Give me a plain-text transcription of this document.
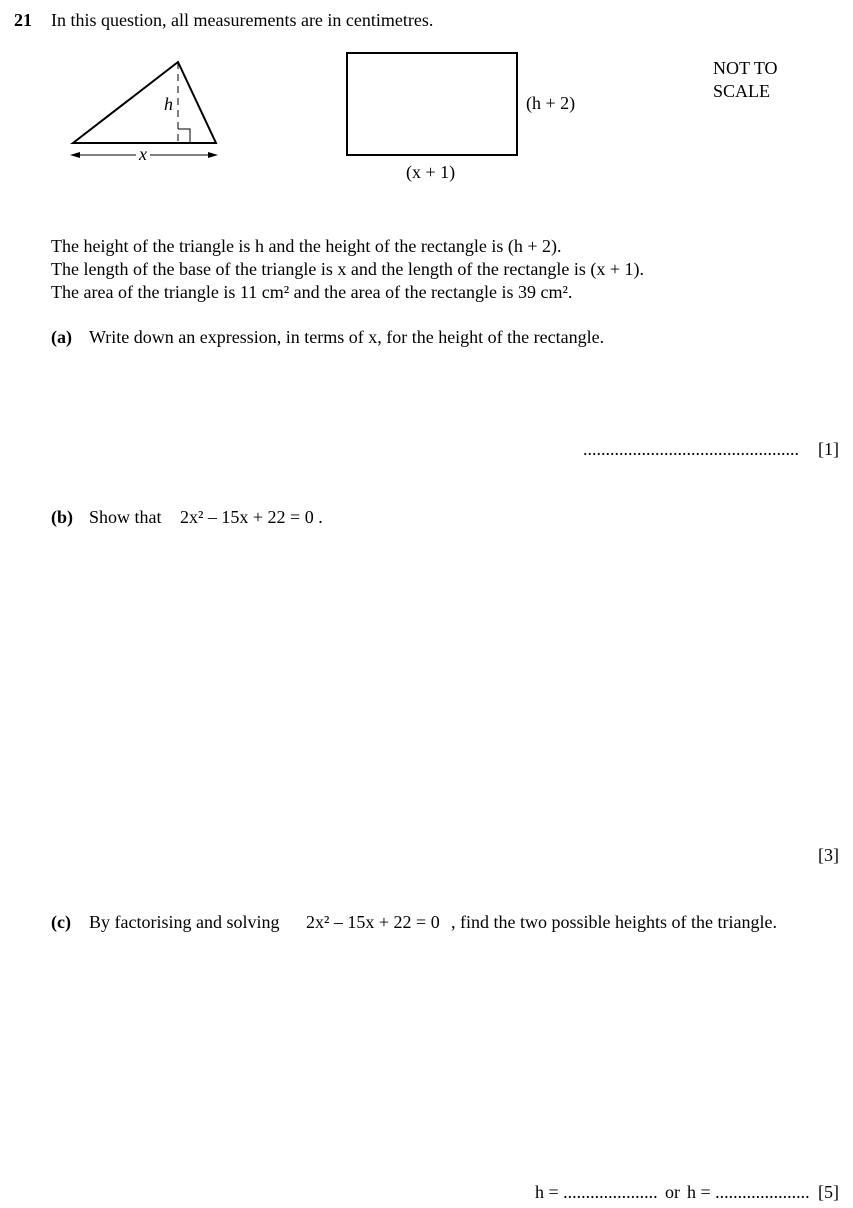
21 In this question, all measurements are in centimetres.
h
x
(h + 2)
(x + 1)
NOT TO
SCALE
The height of the triangle is h and the height of the rectangle is (h + 2).
The length of the base of the triangle is x and the length of the rectangle is (x + 1).
The area of the triangle is 11 cm² and the area of the rectangle is 39 cm².
(a) Write down an expression, in terms of x, for the height of the rectangle.
................................................ [1]
(b) Show that 2x² – 15x + 22 = 0 .
[3]
(c) By factorising and solving 2x² – 15x + 22 = 0 , find the two possible heights of the triangle.
h = ..................... or h = ..................... [5]
